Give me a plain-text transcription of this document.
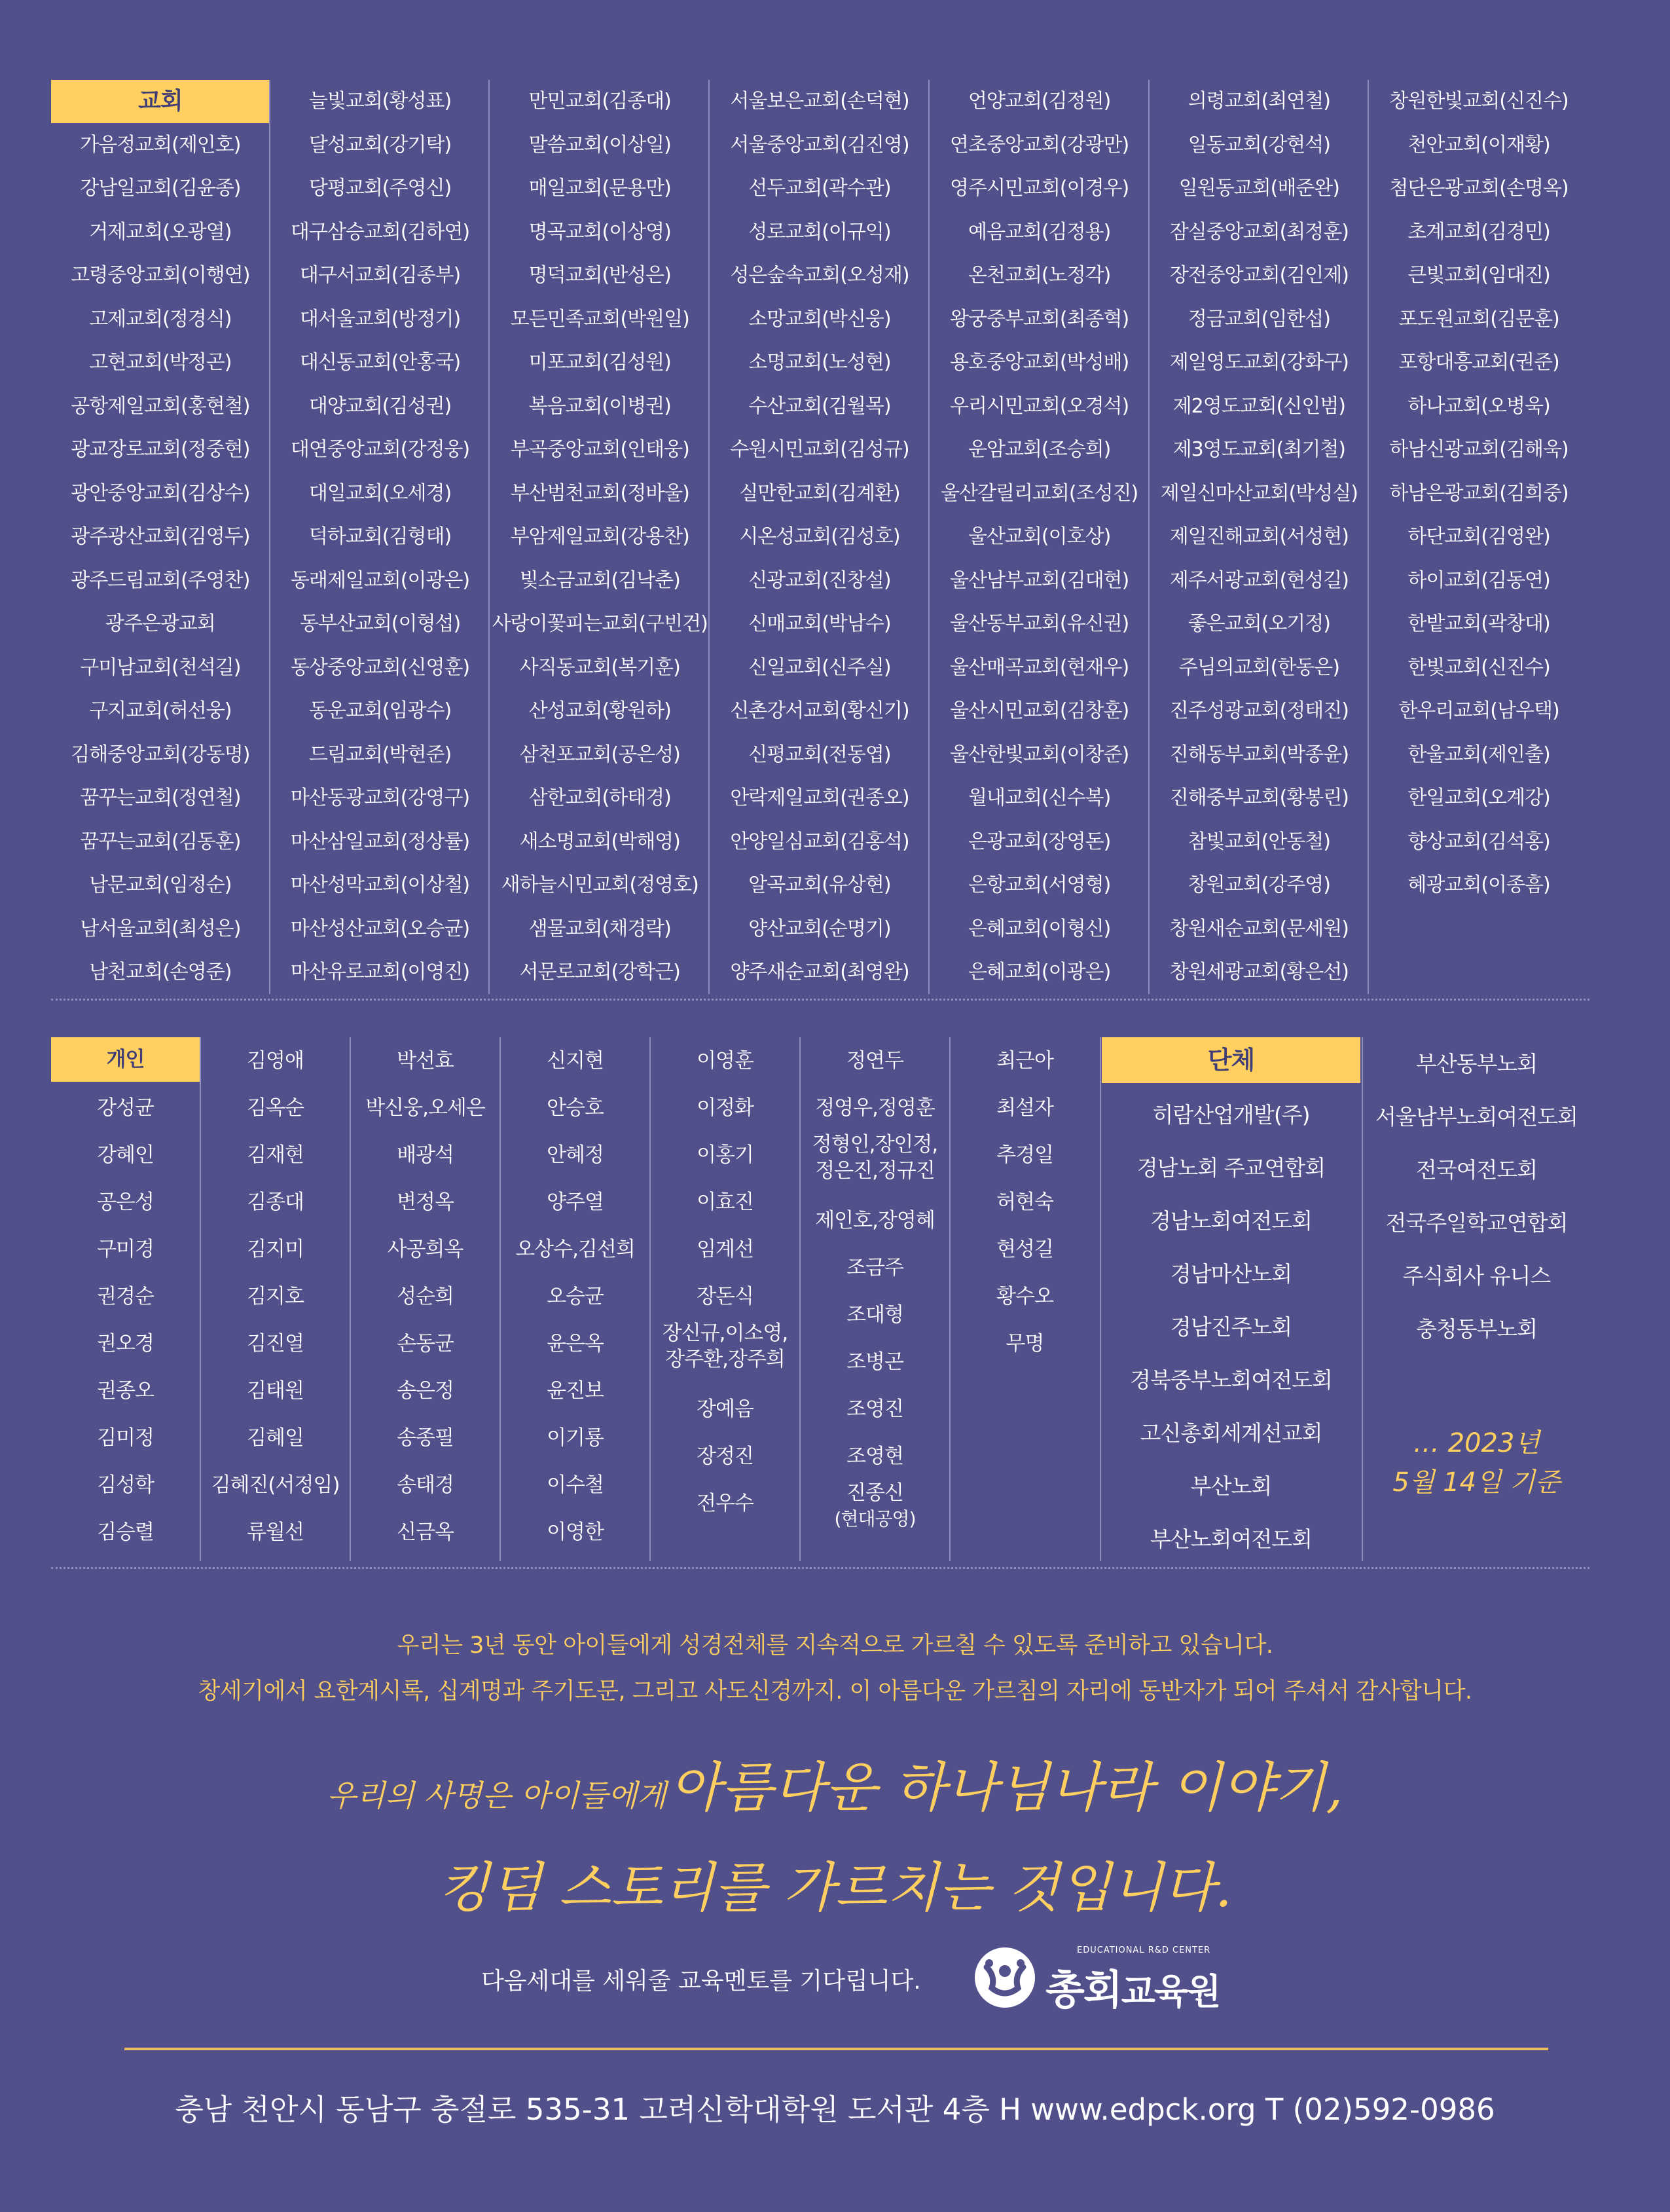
교회
가음정교회(제인호)
강남일교회(김윤종)
거제교회(오광열)
고령중앙교회(이행연)
고제교회(정경식)
고현교회(박정곤)
공항제일교회(홍현철)
광교장로교회(정중현)
광안중앙교회(김상수)
광주광산교회(김영두)
광주드림교회(주영찬)
광주은광교회
구미남교회(천석길)
구지교회(허선웅)
김해중앙교회(강동명)
꿈꾸는교회(정연철)
꿈꾸는교회(김동훈)
남문교회(임정순)
남서울교회(최성은)
남천교회(손영준)
늘빛교회(황성표)
달성교회(강기탁)
당평교회(주영신)
대구삼승교회(김하연)
대구서교회(김종부)
대서울교회(방정기)
대신동교회(안홍국)
대양교회(김성권)
대연중앙교회(강정웅)
대일교회(오세경)
덕하교회(김형태)
동래제일교회(이광은)
동부산교회(이형섭)
동상중앙교회(신영훈)
동운교회(임광수)
드림교회(박현준)
마산동광교회(강영구)
마산삼일교회(정상률)
마산성막교회(이상철)
마산성산교회(오승균)
마산유로교회(이영진)
만민교회(김종대)
말씀교회(이상일)
매일교회(문용만)
명곡교회(이상영)
명덕교회(반성은)
모든민족교회(박원일)
미포교회(김성원)
복음교회(이병권)
부곡중앙교회(인태웅)
부산범천교회(정바울)
부암제일교회(강용찬)
빛소금교회(김낙춘)
사랑이꽃피는교회(구빈건)
사직동교회(복기훈)
산성교회(황원하)
삼천포교회(공은성)
삼한교회(하태경)
새소명교회(박해영)
새하늘시민교회(정영호)
샘물교회(채경락)
서문로교회(강학근)
서울보은교회(손덕현)
서울중앙교회(김진영)
선두교회(곽수관)
성로교회(이규익)
성은숲속교회(오성재)
소망교회(박신웅)
소명교회(노성현)
수산교회(김월목)
수원시민교회(김성규)
실만한교회(김계환)
시온성교회(김성호)
신광교회(진창설)
신매교회(박남수)
신일교회(신주실)
신촌강서교회(황신기)
신평교회(전동엽)
안락제일교회(권종오)
안양일심교회(김홍석)
알곡교회(유상현)
양산교회(순명기)
양주새순교회(최영완)
언양교회(김정원)
연초중앙교회(강광만)
영주시민교회(이경우)
예음교회(김정용)
온천교회(노정각)
왕궁중부교회(최종혁)
용호중앙교회(박성배)
우리시민교회(오경석)
운암교회(조승희)
울산갈릴리교회(조성진)
울산교회(이호상)
울산남부교회(김대현)
울산동부교회(유신권)
울산매곡교회(현재우)
울산시민교회(김창훈)
울산한빛교회(이창준)
월내교회(신수복)
은광교회(장영돈)
은항교회(서영형)
은혜교회(이형신)
은혜교회(이광은)
의령교회(최연철)
일동교회(강현석)
일원동교회(배준완)
잠실중앙교회(최정훈)
장전중앙교회(김인제)
정금교회(임한섭)
제일영도교회(강화구)
제2영도교회(신인범)
제3영도교회(최기철)
제일신마산교회(박성실)
제일진해교회(서성현)
제주서광교회(현성길)
좋은교회(오기정)
주님의교회(한동은)
진주성광교회(정태진)
진해동부교회(박종윤)
진해중부교회(황봉린)
참빛교회(안동철)
창원교회(강주영)
창원새순교회(문세원)
창원세광교회(황은선)
창원한빛교회(신진수)
천안교회(이재황)
첨단은광교회(손명옥)
초계교회(김경민)
큰빛교회(임대진)
포도원교회(김문훈)
포항대흥교회(권준)
하나교회(오병욱)
하남신광교회(김해욱)
하남은광교회(김희중)
하단교회(김영완)
하이교회(김동연)
한밭교회(곽창대)
한빛교회(신진수)
한우리교회(남우택)
한울교회(제인출)
한일교회(오계강)
향상교회(김석홍)
혜광교회(이종흠)
개인
강성균
강혜인
공은성
구미경
권경순
권오경
권종오
김미정
김성학
김승렬
김영애
김옥순
김재현
김종대
김지미
김지호
김진열
김태원
김혜일
김혜진(서정임)
류월선
박선효
박신웅,오세은
배광석
변정옥
사공희옥
성순희
손동균
송은정
송종필
송태경
신금옥
신지현
안승호
안혜정
양주열
오상수,김선희
오승균
윤은옥
윤진보
이기룡
이수철
이영한
이영훈
이정화
이홍기
이효진
임계선
장돈식
장신규,이소영,
장주환,장주희
장예음
장정진
전우수
정연두
정영우,정영훈
정형인,장인정,
정은진,정규진
제인호,장영혜
조금주
조대형
조병곤
조영진
조영현
진종신
(현대공영)
최근아
최설자
추경일
허현숙
현성길
황수오
무명
단체
히람산업개발(주)
경남노회 주교연합회
경남노회여전도회
경남마산노회
경남진주노회
경북중부노회여전도회
고신총회세계선교회
부산노회
부산노회여전도회
부산동부노회
서울남부노회여전도회
전국여전도회
전국주일학교연합회
주식회사 유니스
충청동부노회
… 2023년
5월 14일 기준
우리는 3년 동안 아이들에게 성경전체를 지속적으로 가르칠 수 있도록 준비하고 있습니다.
창세기에서 요한계시록, 십계명과 주기도문, 그리고 사도신경까지. 이 아름다운 가르침의 자리에 동반자가 되어 주셔서 감사합니다.
우리의 사명은 아이들에게 아름다운 하나님나라 이야기,
킹덤 스토리를 가르치는 것입니다.
다음세대를 세워줄 교육멘토를 기다립니다.
EDUCATIONAL R&D CENTER
총회교육원
충남 천안시 동남구 충절로 535-31 고려신학대학원 도서관 4층 H www.edpck.org T (02)592-0986
